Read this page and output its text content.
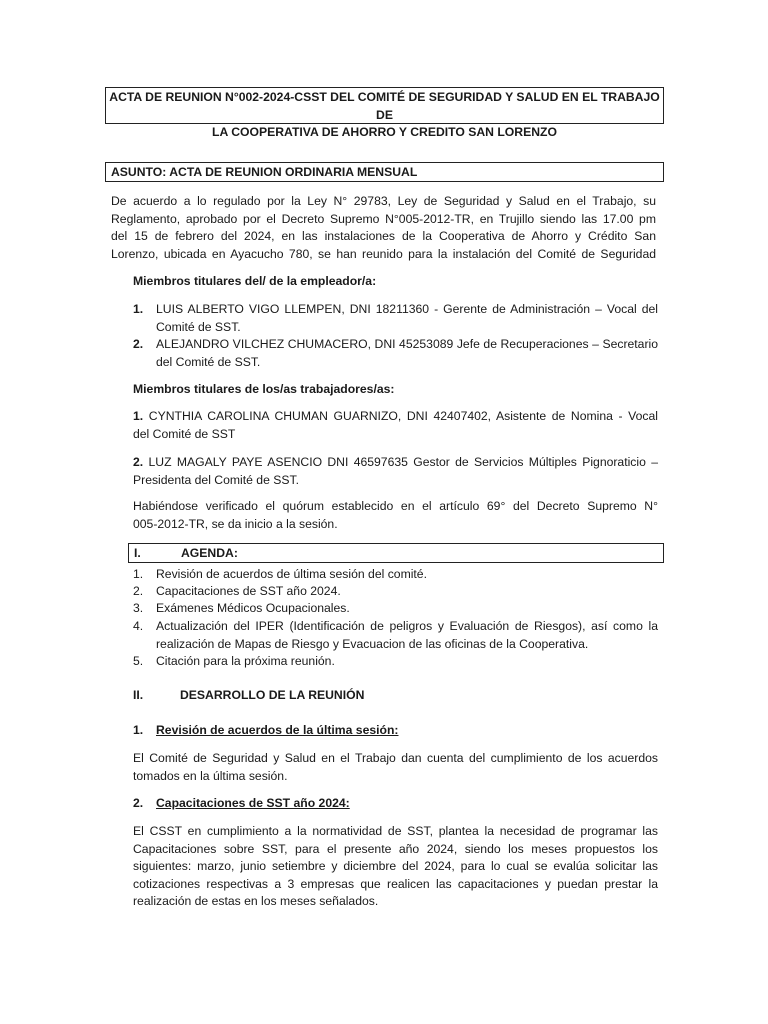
ACTA DE REUNION N°002-2024-CSST DEL COMITÉ DE SEGURIDAD Y SALUD EN EL TRABAJO DE
LA COOPERATIVA DE AHORRO Y CREDITO SAN LORENZO
ASUNTO: ACTA DE REUNION ORDINARIA MENSUAL
De acuerdo a lo regulado por la Ley N° 29783, Ley de Seguridad y Salud en el Trabajo, su
Reglamento, aprobado por el Decreto Supremo N°005-2012-TR, en Trujillo siendo las 17.00 pm
del 15 de febrero del 2024, en las instalaciones de la Cooperativa de Ahorro y Crédito San
Lorenzo, ubicada en Ayacucho 780, se han reunido para la instalación del Comité de Seguridad
Miembros titulares del/ de la empleador/a:
1. LUIS ALBERTO VIGO LLEMPEN, DNI 18211360 - Gerente de Administración – Vocal del
Comité de SST.
2. ALEJANDRO VILCHEZ CHUMACERO, DNI 45253089 Jefe de Recuperaciones – Secretario
del Comité de SST.
Miembros titulares de los/as trabajadores/as:
1. CYNTHIA CAROLINA CHUMAN GUARNIZO, DNI 42407402, Asistente de Nomina - Vocal
del Comité de SST
2. LUZ MAGALY PAYE ASENCIO DNI 46597635 Gestor de Servicios Múltiples Pignoraticio –
Presidenta del Comité de SST.
Habiéndose verificado el quórum establecido en el artículo 69° del Decreto Supremo N°
005-2012-TR, se da inicio a la sesión.
I.	AGENDA:
1. Revisión de acuerdos de última sesión del comité.
2. Capacitaciones de SST año 2024.
3. Exámenes Médicos Ocupacionales.
4. Actualización del IPER (Identificación de peligros y Evaluación de Riesgos), así como la
realización de Mapas de Riesgo y Evacuacion de las oficinas de la Cooperativa.
5. Citación para la próxima reunión.
II.	DESARROLLO DE LA REUNIÓN
1. Revisión de acuerdos de la última sesión:
El Comité de Seguridad y Salud en el Trabajo dan cuenta del cumplimiento de los acuerdos
tomados en la última sesión.
2. Capacitaciones de SST año 2024:
El CSST en cumplimiento a la normatividad de SST, plantea la necesidad de programar las
Capacitaciones sobre SST, para el presente año 2024, siendo los meses propuestos los
siguientes: marzo, junio setiembre y diciembre del 2024, para lo cual se evalúa solicitar las
cotizaciones respectivas a 3 empresas que realicen las capacitaciones y puedan prestar la
realización de estas en los meses señalados.
